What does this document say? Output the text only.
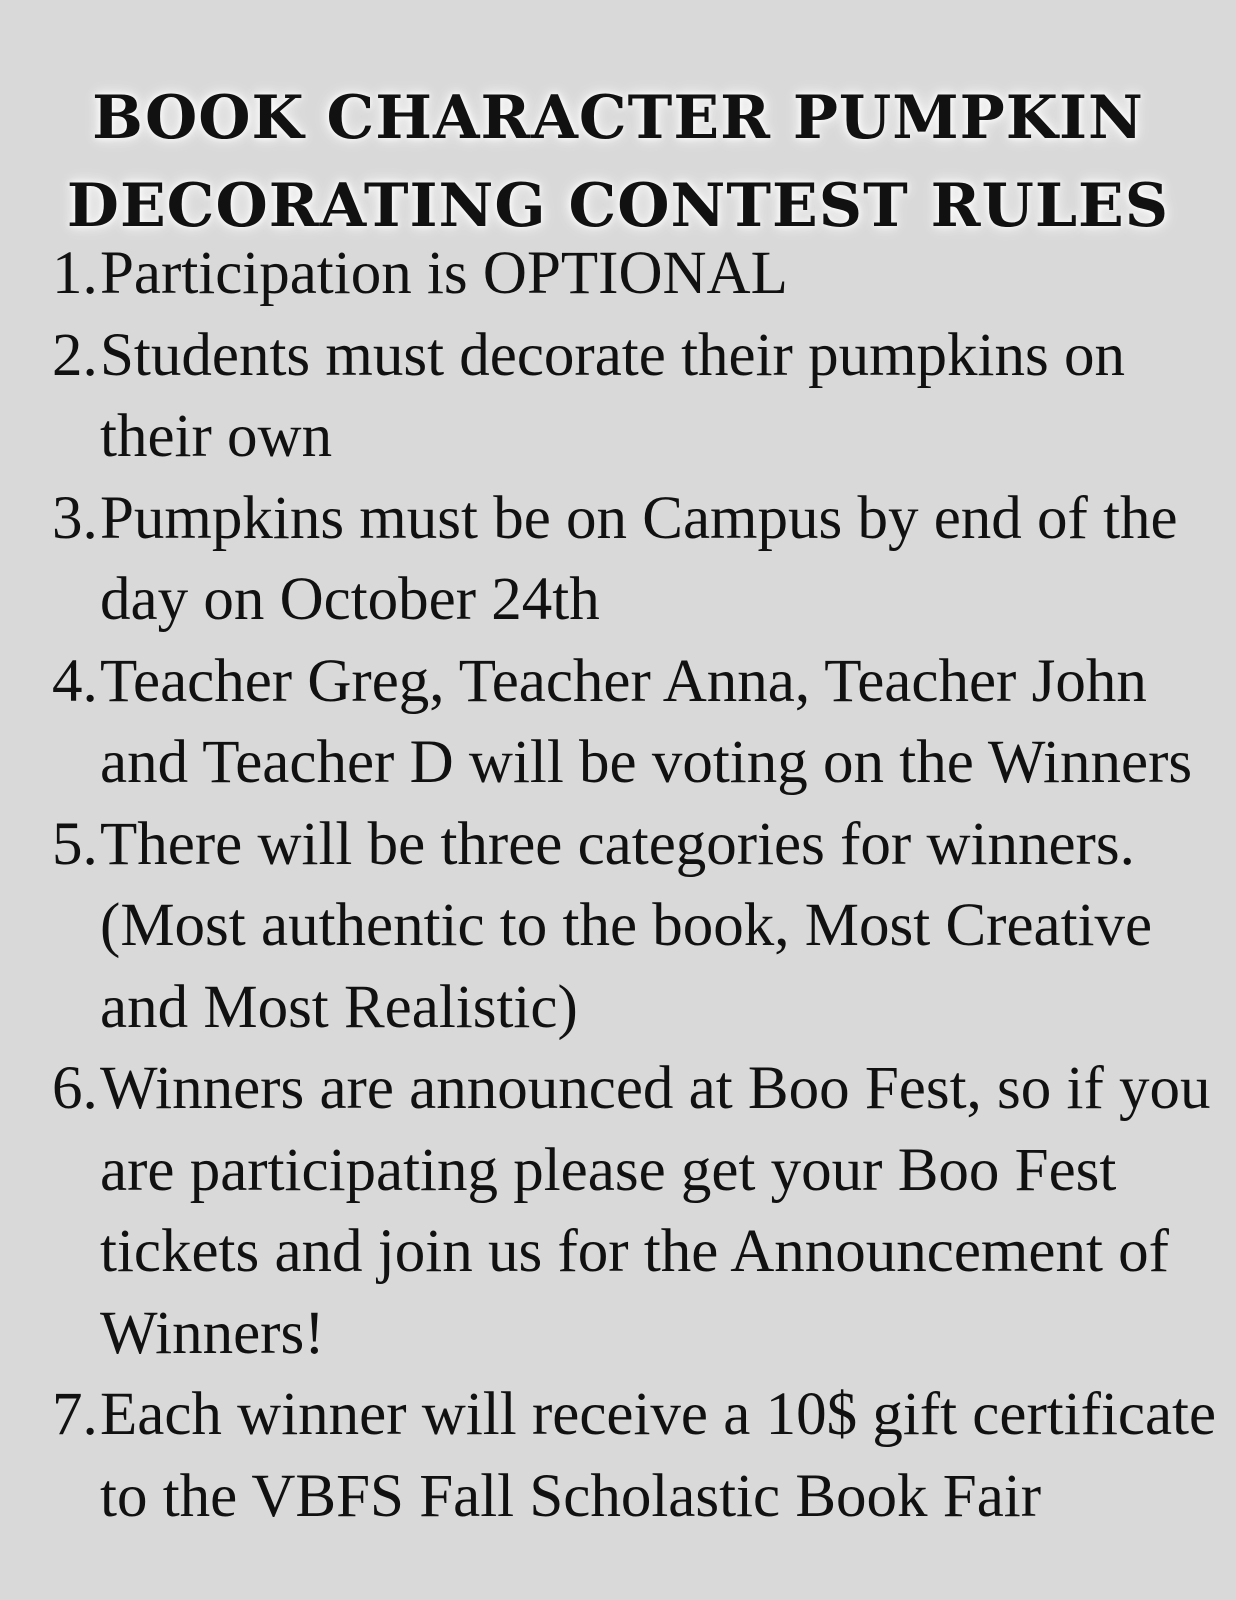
BOOK CHARACTER PUMPKIN
DECORATING CONTEST RULES
1. Participation is OPTIONAL
2. Students must decorate their pumpkins on
their own
3. Pumpkins must be on Campus by end of the
day on October 24th
4. Teacher Greg, Teacher Anna, Teacher John
and Teacher D will be voting on the Winners
5. There will be three categories for winners.
(Most authentic to the book, Most Creative
and Most Realistic)
6. Winners are announced at Boo Fest, so if you
are participating please get your Boo Fest
tickets and join us for the Announcement of
Winners!
7. Each winner will receive a 10$ gift certificate
to the VBFS Fall Scholastic Book Fair
